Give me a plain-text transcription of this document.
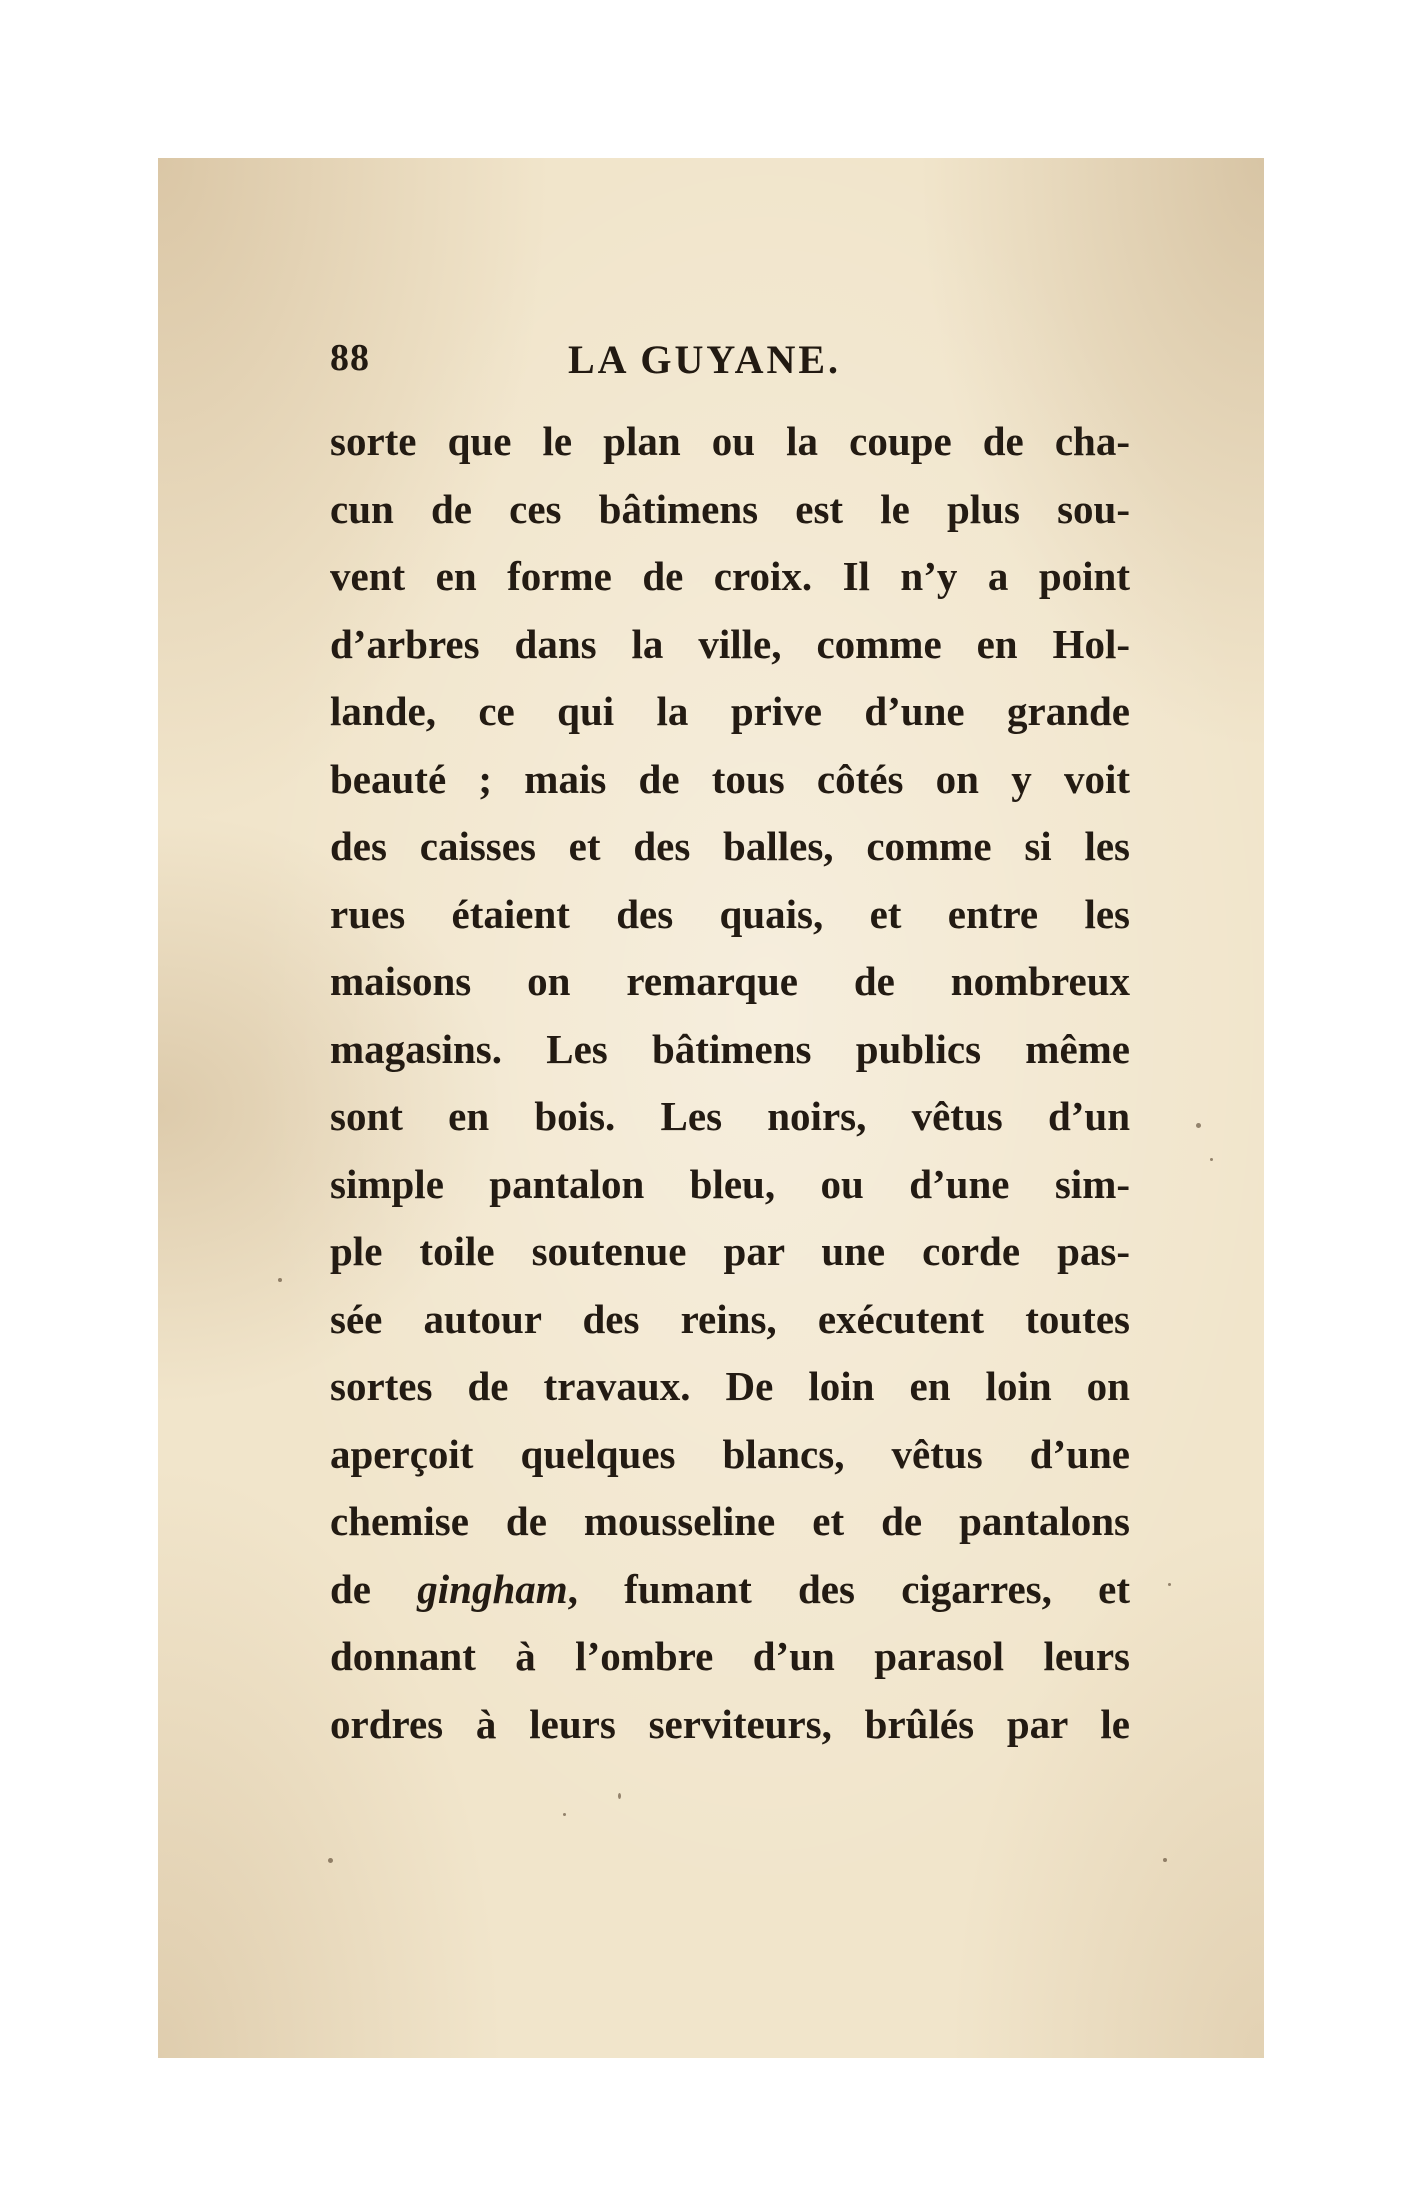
88	LA GUYANE.
sorte que le plan ou la coupe de cha-
cun de ces bâtimens est le plus sou-
vent en forme de croix. Il n’y a point
d’arbres dans la ville, comme en Hol-
lande, ce qui la prive d’une grande
beauté ; mais de tous côtés on y voit
des caisses et des balles, comme si les
rues étaient des quais, et entre les
maisons on remarque de nombreux
magasins. Les bâtimens publics même
sont en bois. Les noirs, vêtus d’un
simple pantalon bleu, ou d’une sim-
ple toile soutenue par une corde pas-
sée autour des reins, exécutent toutes
sortes de travaux. De loin en loin on
aperçoit quelques blancs, vêtus d’une
chemise de mousseline et de pantalons
de gingham, fumant des cigarres, et
donnant à l’ombre d’un parasol leurs
ordres à leurs serviteurs, brûlés par le
